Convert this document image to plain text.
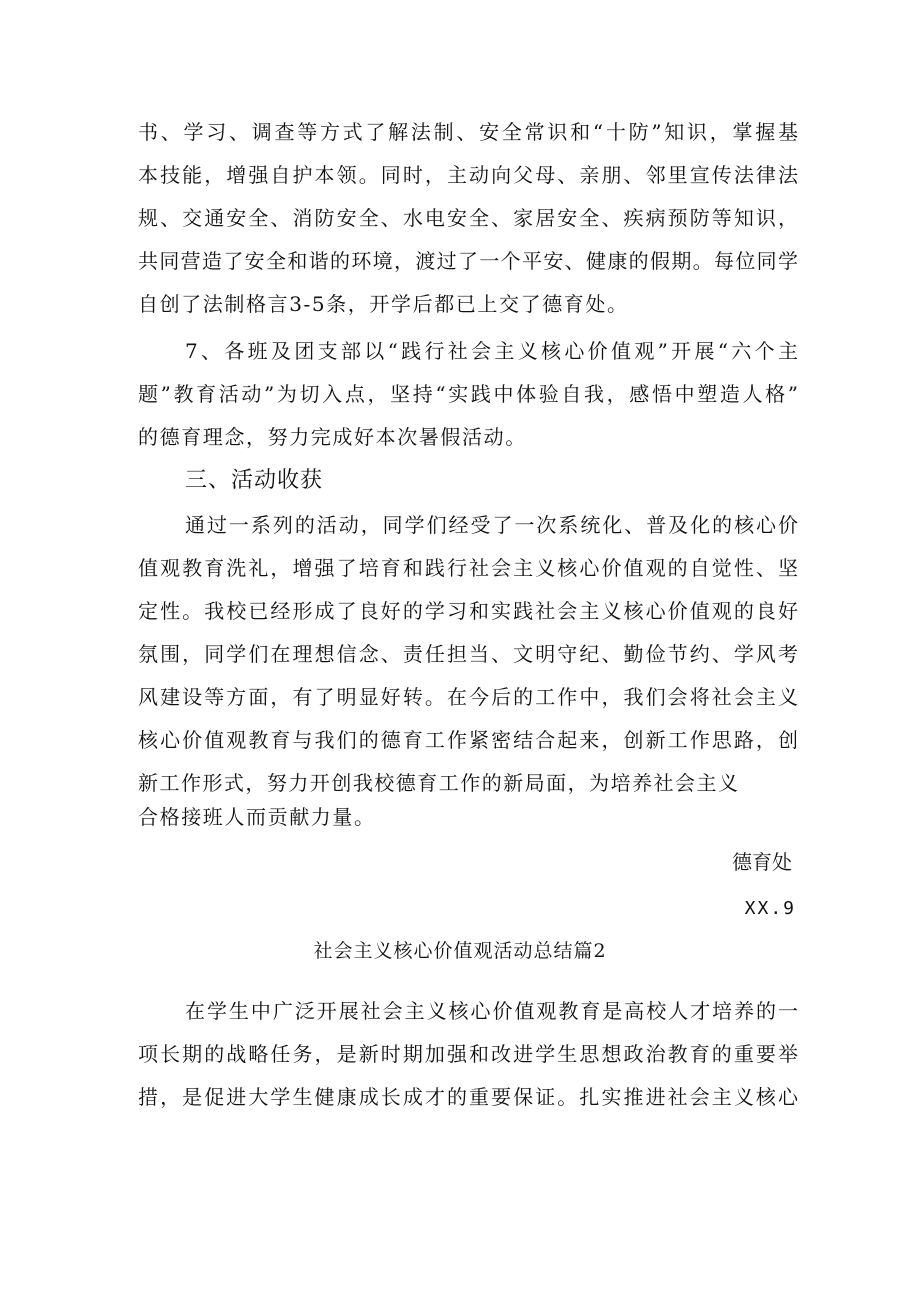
书、学习、调查等方式了解法制、安全常识和“十防”知识，掌握基
本技能，增强自护本领。同时，主动向父母、亲朋、邻里宣传法律法
规、交通安全、消防安全、水电安全、家居安全、疾病预防等知识，
共同营造了安全和谐的环境，渡过了一个平安、健康的假期。每位同学
自创了法制格言3-5条，开学后都已上交了德育处。
7、各班及团支部以“践行社会主义核心价值观”开展“六个主
题”教育活动”为切入点，坚持“实践中体验自我，感悟中塑造人格”
的德育理念，努力完成好本次暑假活动。
三、活动收获
通过一系列的活动，同学们经受了一次系统化、普及化的核心价
值观教育洗礼，增强了培育和践行社会主义核心价值观的自觉性、坚
定性。我校已经形成了良好的学习和实践社会主义核心价值观的良好
氛围，同学们在理想信念、责任担当、文明守纪、勤俭节约、学风考
风建设等方面，有了明显好转。在今后的工作中，我们会将社会主义
核心价值观教育与我们的德育工作紧密结合起来，创新工作思路，创
新工作形式，努力开创我校德育工作的新局面，为培养社会主义
合格接班人而贡献力量。
德育处
XX.9
社会主义核心价值观活动总结篇2
在学生中广泛开展社会主义核心价值观教育是高校人才培养的一
项长期的战略任务，是新时期加强和改进学生思想政治教育的重要举
措，是促进大学生健康成长成才的重要保证。扎实推进社会主义核心
